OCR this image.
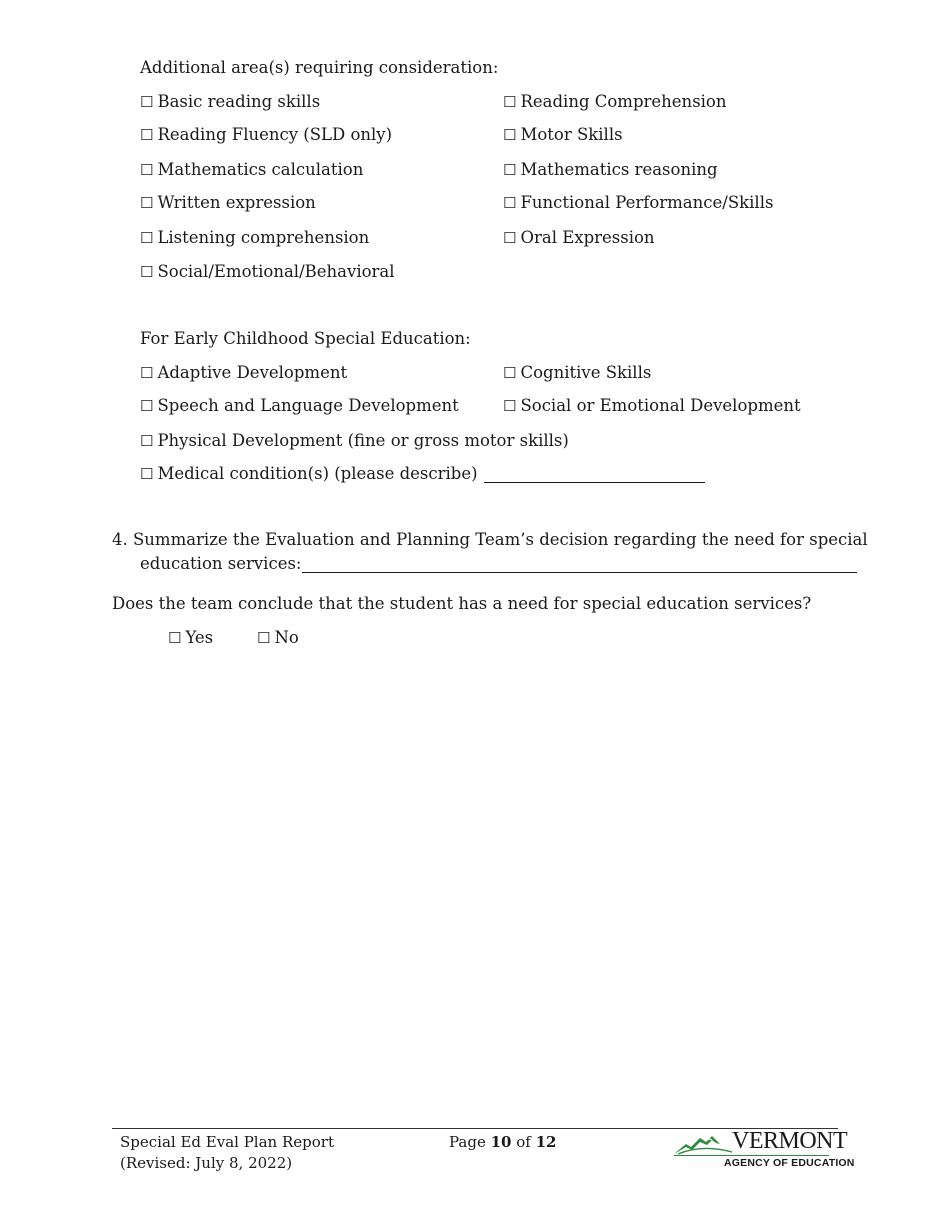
Additional area(s) requiring consideration:
☐ Basic reading skills	☐ Reading Comprehension
☐ Reading Fluency (SLD only)	☐ Motor Skills
☐ Mathematics calculation	☐ Mathematics reasoning
☐ Written expression	☐ Functional Performance/Skills
☐ Listening comprehension	☐ Oral Expression
☐ Social/Emotional/Behavioral
For Early Childhood Special Education:
☐ Adaptive Development	☐ Cognitive Skills
☐ Speech and Language Development	☐ Social or Emotional Development
☐ Physical Development (fine or gross motor skills)
☐ Medical condition(s) (please describe)
4. Summarize the Evaluation and Planning Team’s decision regarding the need for special
education services:
Does the team conclude that the student has a need for special education services?
☐ Yes	☐ No
Special Ed Eval Plan Report
(Revised: July 8, 2022)
Page 10 of 12	VERMONT
AGENCY OF EDUCATION
